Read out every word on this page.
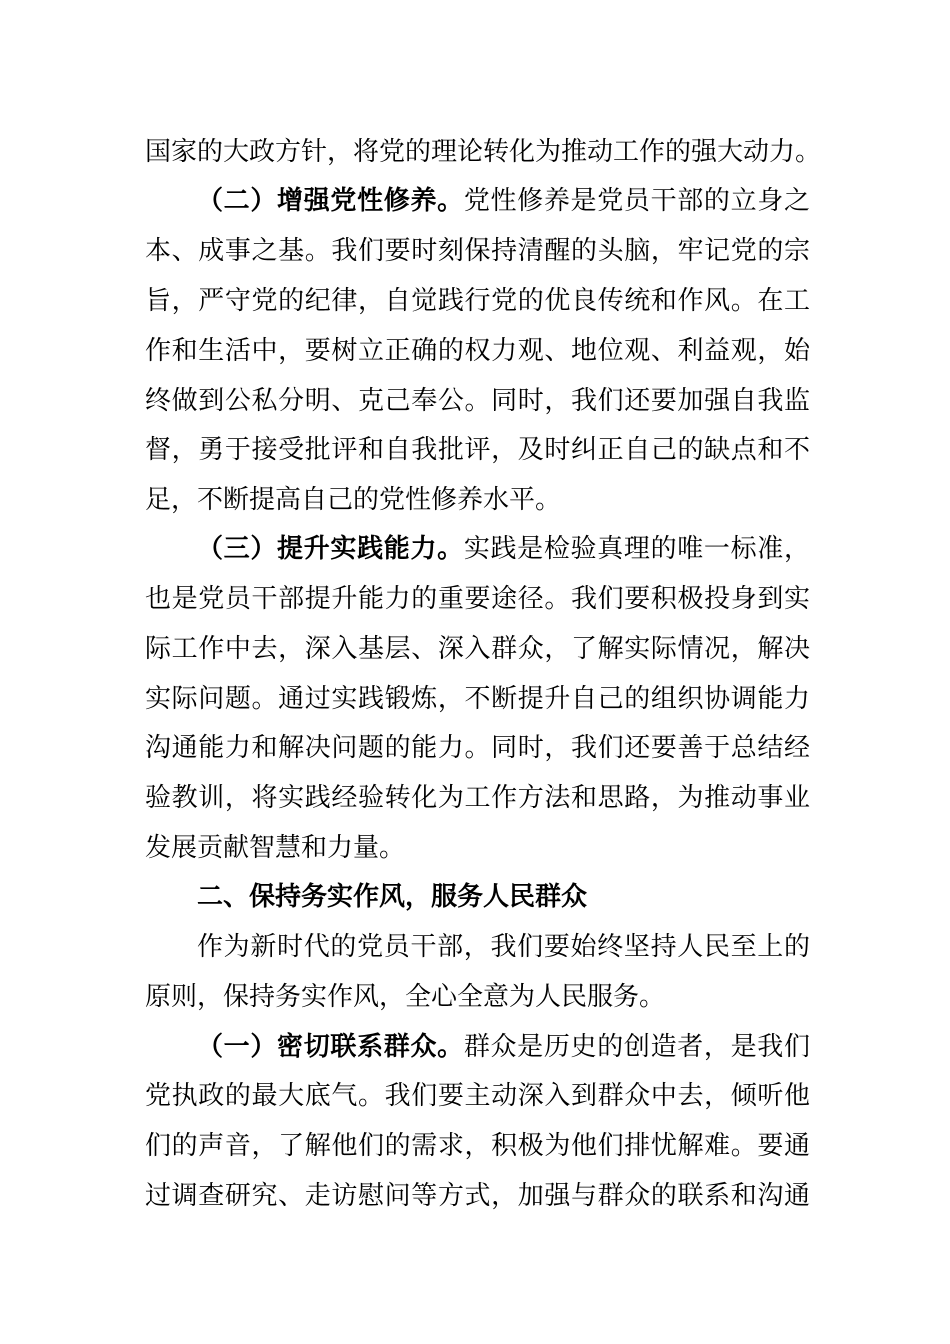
国家的大政方针，将党的理论转化为推动工作的强大动力。
（二）增强党性修养。党性修养是党员干部的立身之
本、成事之基。我们要时刻保持清醒的头脑，牢记党的宗
旨，严守党的纪律，自觉践行党的优良传统和作风。在工
作和生活中，要树立正确的权力观、地位观、利益观，始
终做到公私分明、克己奉公。同时，我们还要加强自我监
督，勇于接受批评和自我批评，及时纠正自己的缺点和不
足，不断提高自己的党性修养水平。
（三）提升实践能力。实践是检验真理的唯一标准，
也是党员干部提升能力的重要途径。我们要积极投身到实
际工作中去，深入基层、深入群众，了解实际情况，解决
实际问题。通过实践锻炼，不断提升自己的组织协调能力
沟通能力和解决问题的能力。同时，我们还要善于总结经
验教训，将实践经验转化为工作方法和思路，为推动事业
发展贡献智慧和力量。
二、保持务实作风，服务人民群众
作为新时代的党员干部，我们要始终坚持人民至上的
原则，保持务实作风，全心全意为人民服务。
（一）密切联系群众。群众是历史的创造者，是我们
党执政的最大底气。我们要主动深入到群众中去，倾听他
们的声音，了解他们的需求，积极为他们排忧解难。要通
过调查研究、走访慰问等方式，加强与群众的联系和沟通
